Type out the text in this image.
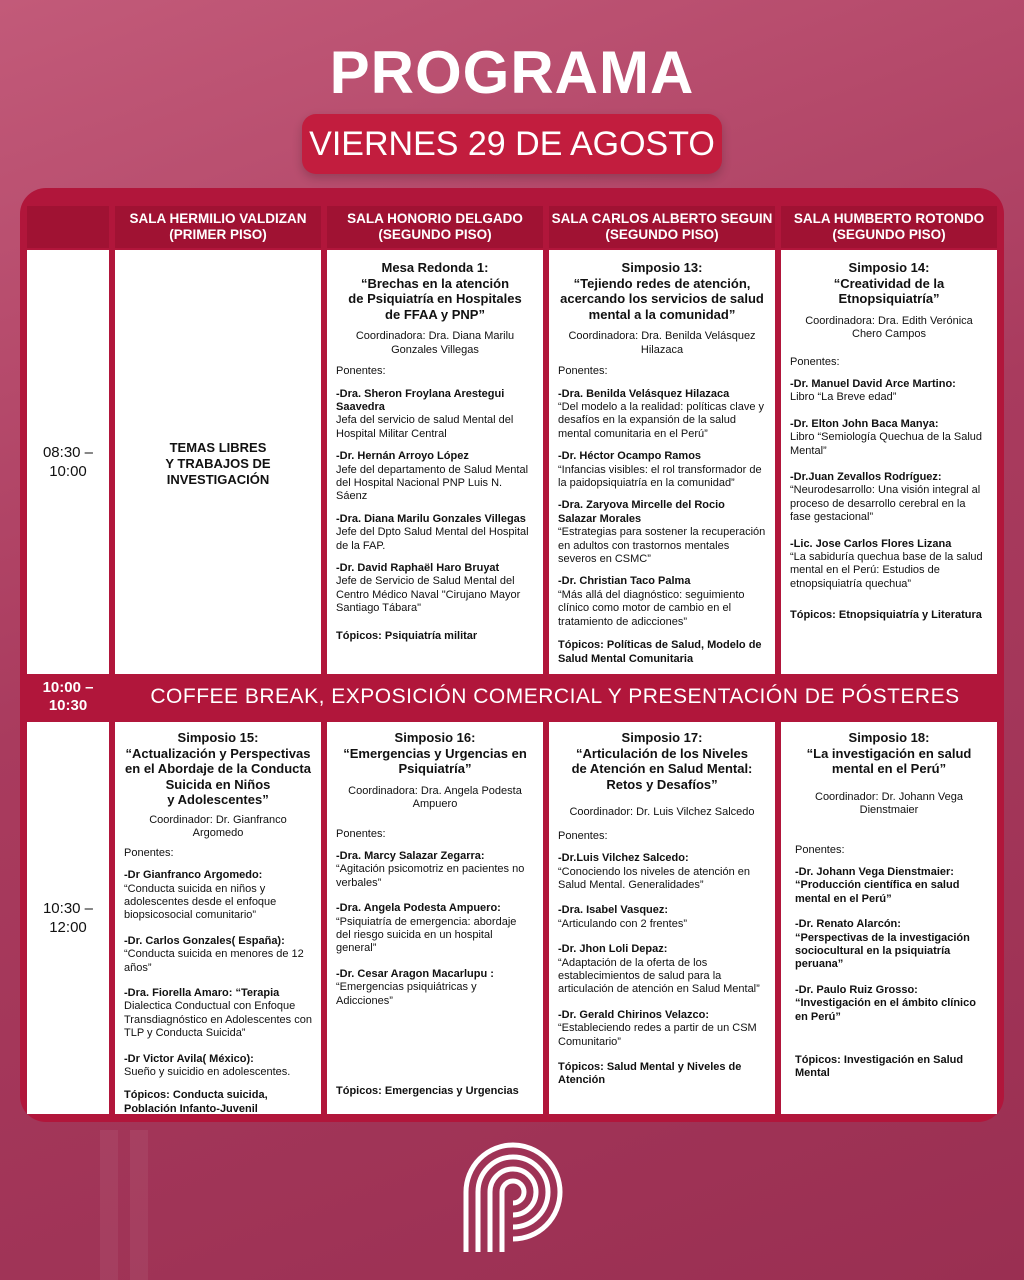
PROGRAMA
VIERNES 29 DE AGOSTO
SALA HERMILIO VALDIZAN
(PRIMER PISO)
SALA HONORIO DELGADO
(SEGUNDO PISO)
SALA CARLOS ALBERTO SEGUIN
(SEGUNDO PISO)
SALA HUMBERTO ROTONDO
(SEGUNDO PISO)
08:30 –
10:00
TEMAS LIBRES
Y TRABAJOS DE
INVESTIGACIÓN
Mesa Redonda 1:
“Brechas en la atención
de Psiquiatría en Hospitales
de FFAA y PNP”
Coordinadora: Dra. Diana Marilu
Gonzales Villegas
Ponentes:
-Dra. Sheron Froylana Arestegui Saavedra
Jefa del servicio de salud Mental del Hospital Militar Central
-Dr. Hernán Arroyo López
Jefe del departamento de Salud Mental del Hospital Nacional PNP Luis N. Sáenz
-Dra. Diana Marilu Gonzales Villegas
Jefe del Dpto Salud Mental del Hospital de la FAP.
-Dr. David Raphaël Haro Bruyat
Jefe de Servicio de Salud Mental del Centro Médico Naval "Cirujano Mayor Santiago Tábara"
Tópicos: Psiquiatría militar
Simposio 13:
“Tejiendo redes de atención,
acercando los servicios de salud
mental a la comunidad”
Coordinadora: Dra. Benilda Velásquez
Hilazaca
Ponentes:
-Dra. Benilda Velásquez Hilazaca
“Del modelo a la realidad: políticas clave y desafíos en la expansión de la salud mental comunitaria en el Perú”
-Dr. Héctor Ocampo Ramos
“Infancias visibles: el rol transformador de la paidopsiquiatría en la comunidad”
-Dra. Zaryova Mircelle del Rocio Salazar Morales
“Estrategias para sostener la recuperación en adultos con trastornos mentales severos en CSMC”
-Dr. Christian Taco Palma
“Más allá del diagnóstico: seguimiento clínico como motor de cambio en el tratamiento de adicciones”
Tópicos: Políticas de Salud, Modelo de Salud Mental Comunitaria
Simposio 14:
“Creatividad de la
Etnopsiquiatría”
Coordinadora: Dra. Edith Verónica
Chero Campos
Ponentes:
-Dr. Manuel David Arce Martino:
Libro “La Breve edad”
-Dr. Elton John Baca Manya:
Libro “Semiología Quechua de la Salud Mental”
-Dr.Juan Zevallos Rodríguez:
“Neurodesarrollo: Una visión integral al proceso de desarrollo cerebral en la fase gestacional”
-Lic. Jose Carlos Flores Lizana
“La sabiduría quechua base de la salud mental en el Perú: Estudios de etnopsiquiatría quechua”
Tópicos: Etnopsiquiatría y Literatura
10:00 –
10:30	COFFEE BREAK, EXPOSICIÓN COMERCIAL Y PRESENTACIÓN DE PÓSTERES
10:30 –
12:00
Simposio 15:
“Actualización y Perspectivas
en el Abordaje de la Conducta
Suicida en Niños
y Adolescentes”
Coordinador: Dr. Gianfranco
Argomedo
Ponentes:
-Dr Gianfranco Argomedo:
“Conducta suicida en niños y adolescentes desde el enfoque biopsicosocial comunitario”
-Dr. Carlos Gonzales( España):
“Conducta suicida en menores de 12 años”
-Dra. Fiorella Amaro: “Terapia
Dialectica Conductual con Enfoque Transdiagnóstico en Adolescentes con TLP y Conducta Suicida”
-Dr Victor Avila( México):
Sueño y suicidio en adolescentes.
Tópicos: Conducta suicida, Población Infanto-Juvenil
Simposio 16:
“Emergencias y Urgencias en
Psiquiatría”
Coordinadora: Dra. Angela Podesta
Ampuero
Ponentes:
-Dra. Marcy Salazar Zegarra:
“Agitación psicomotriz en pacientes no verbales”
-Dra. Angela Podesta Ampuero:
“Psiquiatría de emergencia: abordaje del riesgo suicida en un hospital general”
-Dr. Cesar Aragon Macarlupu :
“Emergencias psiquiátricas y Adicciones”
Tópicos: Emergencias y Urgencias
Simposio 17:
“Articulación de los Niveles
de Atención en Salud Mental:
Retos y Desafíos”
Coordinador: Dr. Luis Vilchez Salcedo
Ponentes:
-Dr.Luis Vilchez Salcedo:
“Conociendo los niveles de atención en Salud Mental. Generalidades”
-Dra. Isabel Vasquez:
“Articulando con 2 frentes”
-Dr. Jhon Loli Depaz:
“Adaptación de la oferta de los establecimientos de salud para la articulación de atención en Salud Mental”
-Dr. Gerald Chirinos Velazco:
“Estableciendo redes a partir de un CSM Comunitario”
Tópicos: Salud Mental y Niveles de Atención
Simposio 18:
“La investigación en salud
mental en el Perú”
Coordinador: Dr. Johann Vega
Dienstmaier
Ponentes:
-Dr. Johann Vega Dienstmaier:
“Producción científica en salud mental en el Perú”
-Dr. Renato Alarcón:
“Perspectivas de la investigación sociocultural en la psiquiatría peruana”
-Dr. Paulo Ruiz Grosso:
“Investigación en el ámbito clínico en Perú”
Tópicos: Investigación en Salud Mental
